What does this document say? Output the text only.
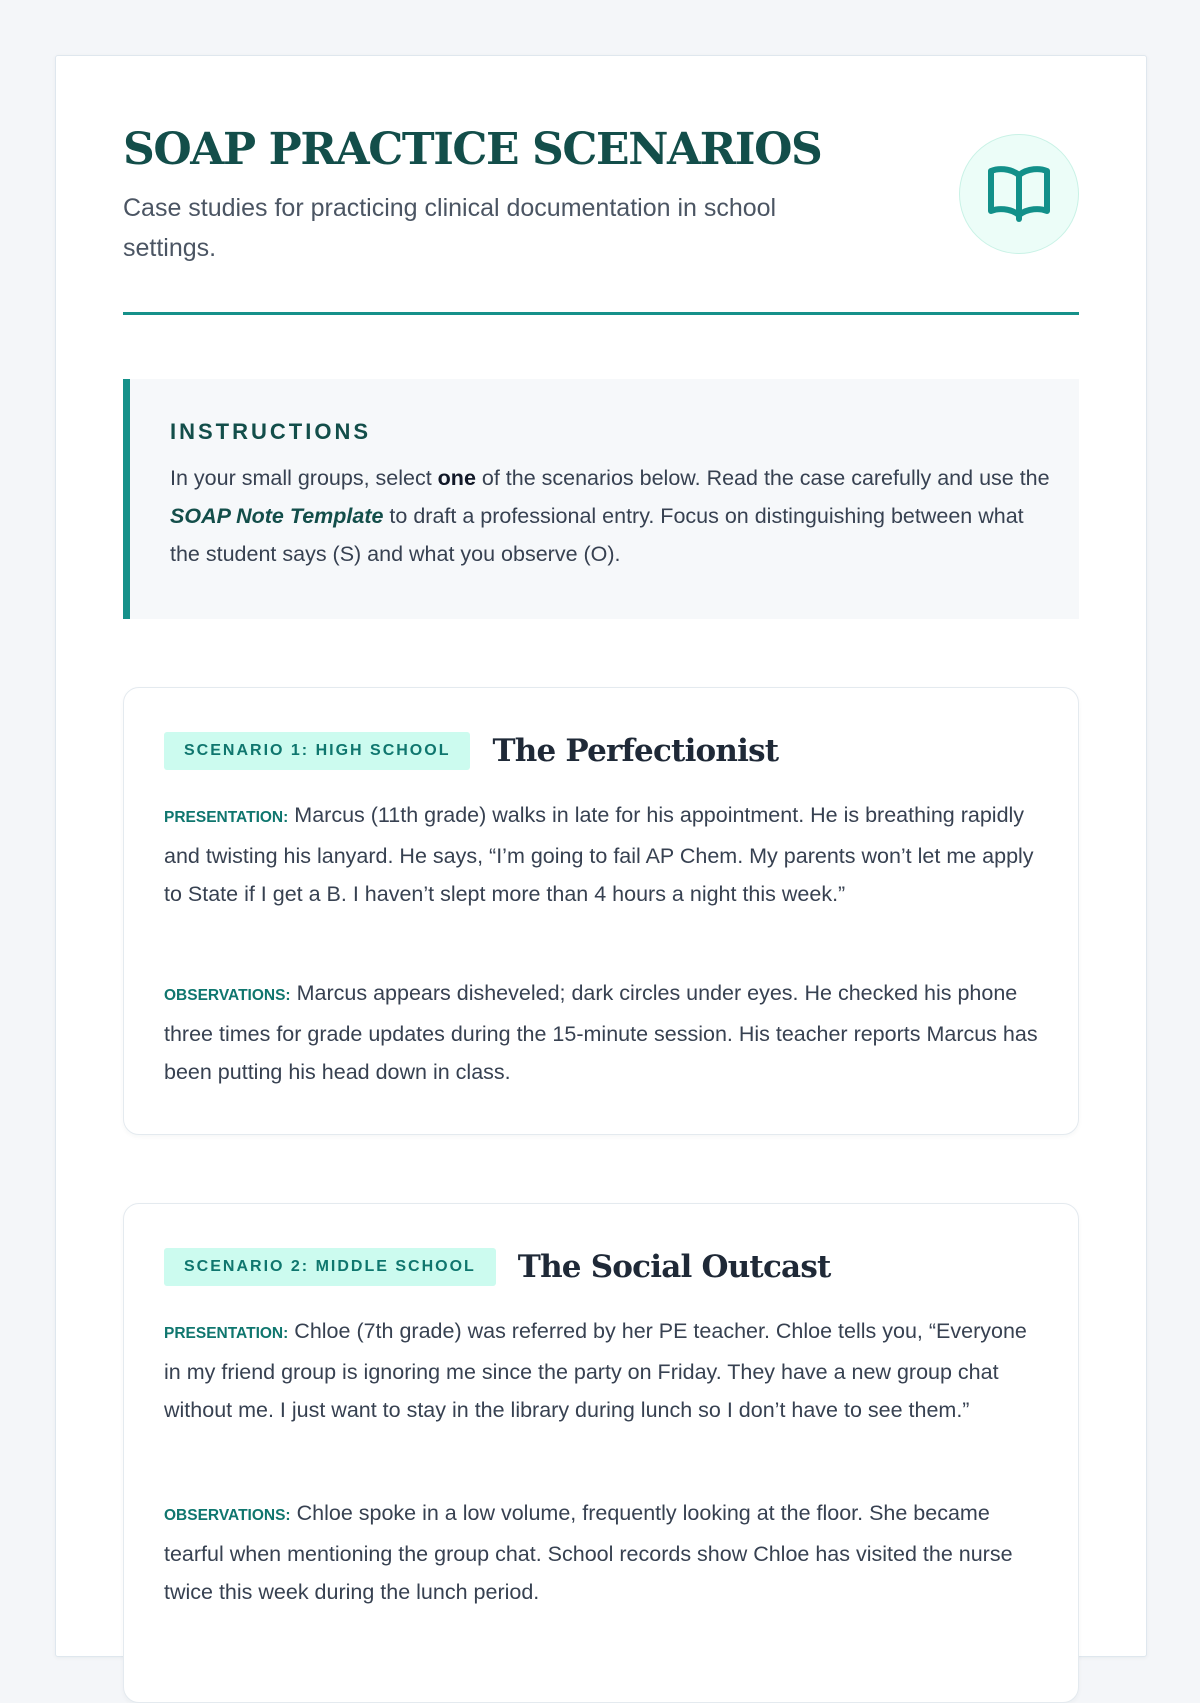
SOAP PRACTICE SCENARIOS

Case studies for practicing clinical documentation in school settings.

INSTRUCTIONS

In your small groups, select one of the scenarios below. Read the case carefully and use the SOAP Note Template to draft a professional entry. Focus on distinguishing between what the student says (S) and what you observe (O).

SCENARIO 1: HIGH SCHOOL	The Perfectionist

PRESENTATION: Marcus (11th grade) walks in late for his appointment. He is breathing rapidly and twisting his lanyard. He says, “I’m going to fail AP Chem. My parents won’t let me apply to State if I get a B. I haven’t slept more than 4 hours a night this week.”

OBSERVATIONS: Marcus appears disheveled; dark circles under eyes. He checked his phone three times for grade updates during the 15-minute session. His teacher reports Marcus has been putting his head down in class.

SCENARIO 2: MIDDLE SCHOOL	The Social Outcast

PRESENTATION: Chloe (7th grade) was referred by her PE teacher. Chloe tells you, “Everyone in my friend group is ignoring me since the party on Friday. They have a new group chat without me. I just want to stay in the library during lunch so I don’t have to see them.”

OBSERVATIONS: Chloe spoke in a low volume, frequently looking at the floor. She became tearful when mentioning the group chat. School records show Chloe has visited the nurse twice this week during the lunch period.
